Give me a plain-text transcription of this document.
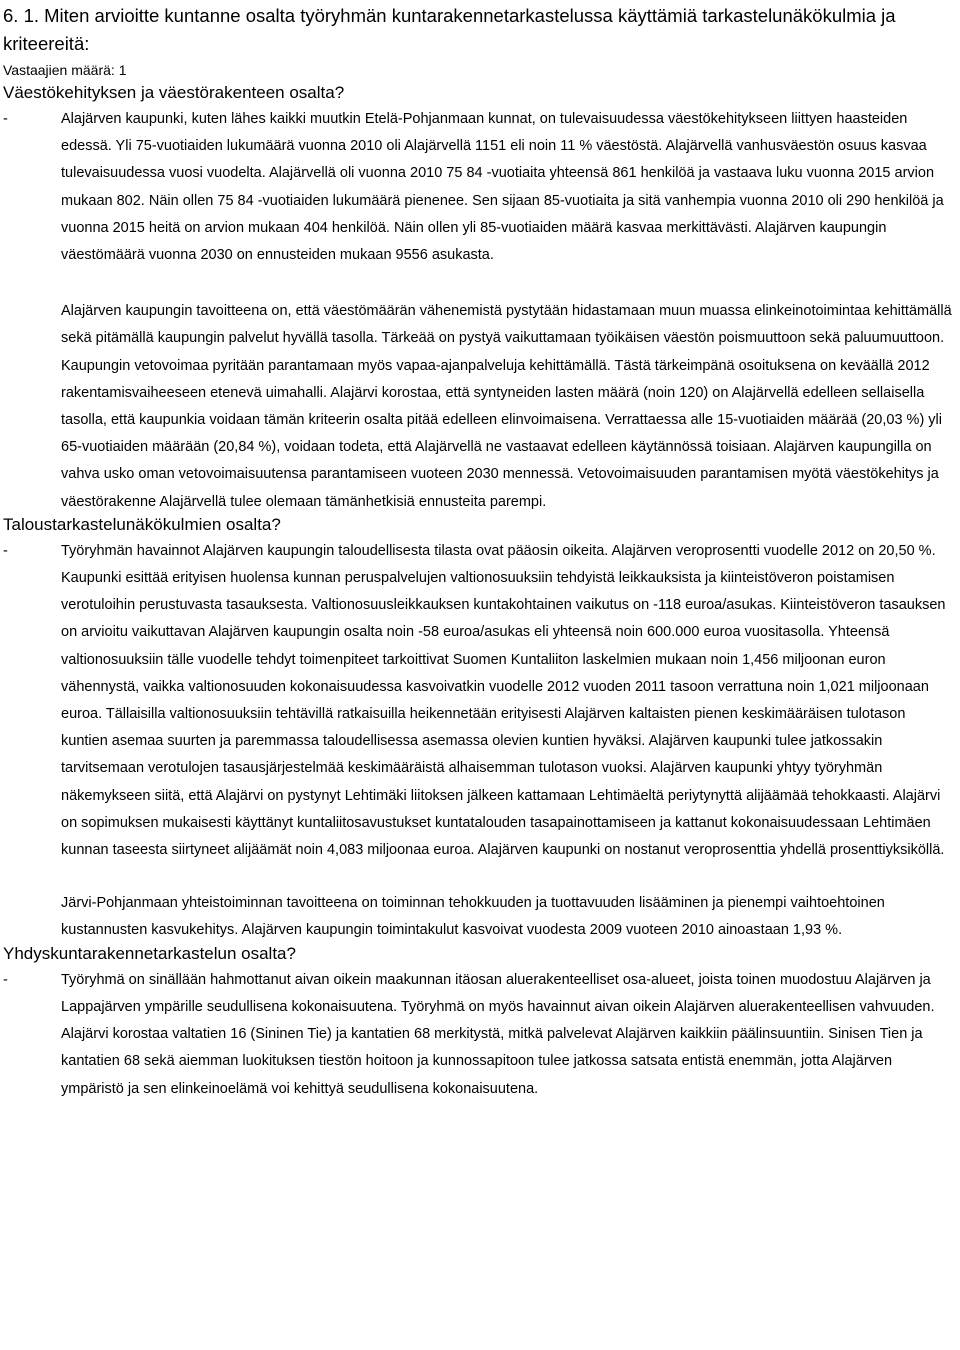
6. 1. Miten arvioitte kuntanne osalta työryhmän kuntarakennetarkastelussa käyttämiä tarkastelunäkökulmia ja kriteereitä:
Vastaajien määrä: 1
Väestökehityksen ja väestörakenteen osalta?
-	Alajärven kaupunki, kuten lähes kaikki muutkin Etelä-Pohjanmaan kunnat, on tulevaisuudessa väestökehitykseen liittyen haasteiden edessä. Yli 75-vuotiaiden lukumäärä vuonna 2010 oli Alajärvellä 1151 eli noin 11 % väestöstä. Alajärvellä vanhusväestön osuus kasvaa tulevaisuudessa vuosi vuodelta. Alajärvellä oli vuonna 2010 75 84 -vuotiaita yhteensä 861 henkilöä ja vastaava luku vuonna 2015 arvion mukaan 802. Näin ollen 75 84 -vuotiaiden lukumäärä pienenee. Sen sijaan 85-vuotiaita ja sitä vanhempia vuonna 2010 oli 290 henkilöä ja vuonna 2015 heitä on arvion mukaan 404 henkilöä. Näin ollen yli 85-vuotiaiden määrä kasvaa merkittävästi. Alajärven kaupungin väestömäärä vuonna 2030 on ennusteiden mukaan 9556 asukasta.
Alajärven kaupungin tavoitteena on, että väestömäärän vähenemistä pystytään hidastamaan muun muassa elinkeinotoimintaa kehittämällä sekä pitämällä kaupungin palvelut hyvällä tasolla. Tärkeää on pystyä vaikuttamaan työikäisen väestön poismuuttoon sekä paluumuuttoon. Kaupungin vetovoimaa pyritään parantamaan myös vapaa-ajanpalveluja kehittämällä. Tästä tärkeimpänä osoituksena on keväällä 2012 rakentamisvaiheeseen etenevä uimahalli. Alajärvi korostaa, että syntyneiden lasten määrä (noin 120) on Alajärvellä edelleen sellaisella tasolla, että kaupunkia voidaan tämän kriteerin osalta pitää edelleen elinvoimaisena. Verrattaessa alle 15-vuotiaiden määrää (20,03 %) yli 65-vuotiaiden määrään (20,84 %), voidaan todeta, että Alajärvellä ne vastaavat edelleen käytännössä toisiaan. Alajärven kaupungilla on vahva usko oman vetovoimaisuutensa parantamiseen vuoteen 2030 mennessä. Vetovoimaisuuden parantamisen myötä väestökehitys ja väestörakenne Alajärvellä tulee olemaan tämänhetkisiä ennusteita parempi.
Taloustarkastelunäkökulmien osalta?
-	Työryhmän havainnot Alajärven kaupungin taloudellisesta tilasta ovat pääosin oikeita. Alajärven veroprosentti vuodelle 2012 on 20,50 %. Kaupunki esittää erityisen huolensa kunnan peruspalvelujen valtionosuuksiin tehdyistä leikkauksista ja kiinteistöveron poistamisen verotuloihin perustuvasta tasauksesta. Valtionosuusleikkauksen kuntakohtainen vaikutus on -118 euroa/asukas. Kiinteistöveron tasauksen on arvioitu vaikuttavan Alajärven kaupungin osalta noin -58 euroa/asukas eli yhteensä noin 600.000 euroa vuositasolla. Yhteensä valtionosuuksiin tälle vuodelle tehdyt toimenpiteet tarkoittivat Suomen Kuntaliiton laskelmien mukaan noin 1,456 miljoonan euron vähennystä, vaikka valtionosuuden kokonaisuudessa kasvoivatkin vuodelle 2012 vuoden 2011 tasoon verrattuna noin 1,021 miljoonaan euroa. Tällaisilla valtionosuuksiin tehtävillä ratkaisuilla heikennetään erityisesti Alajärven kaltaisten pienen keskimääräisen tulotason kuntien asemaa suurten ja paremmassa taloudellisessa asemassa olevien kuntien hyväksi. Alajärven kaupunki tulee jatkossakin tarvitsemaan verotulojen tasausjärjestelmää keskimääräistä alhaisemman tulotason vuoksi. Alajärven kaupunki yhtyy työryhmän näkemykseen siitä, että Alajärvi on pystynyt Lehtimäki liitoksen jälkeen kattamaan Lehtimäeltä periytynyttä alijäämää tehokkaasti. Alajärvi on sopimuksen mukaisesti käyttänyt kuntaliitosavustukset kuntatalouden tasapainottamiseen ja kattanut kokonaisuudessaan Lehtimäen kunnan taseesta siirtyneet alijäämät noin 4,083 miljoonaa euroa. Alajärven kaupunki on nostanut veroprosenttia yhdellä prosenttiyksiköllä.
Järvi-Pohjanmaan yhteistoiminnan tavoitteena on toiminnan tehokkuuden ja tuottavuuden lisääminen ja pienempi vaihtoehtoinen kustannusten kasvukehitys. Alajärven kaupungin toimintakulut kasvoivat vuodesta 2009 vuoteen 2010 ainoastaan 1,93 %.
Yhdyskuntarakennetarkastelun osalta?
-	Työryhmä on sinällään hahmottanut aivan oikein maakunnan itäosan aluerakenteelliset osa-alueet, joista toinen muodostuu Alajärven ja Lappajärven ympärille seudullisena kokonaisuutena. Työryhmä on myös havainnut aivan oikein Alajärven aluerakenteellisen vahvuuden. Alajärvi korostaa valtatien 16 (Sininen Tie) ja kantatien 68 merkitystä, mitkä palvelevat Alajärven kaikkiin päälinsuuntiin. Sinisen Tien ja kantatien 68 sekä aiemman luokituksen tiestön hoitoon ja kunnossapitoon tulee jatkossa satsata entistä enemmän, jotta Alajärven ympäristö ja sen elinkeinoelämä voi kehittyä seudullisena kokonaisuutena.
